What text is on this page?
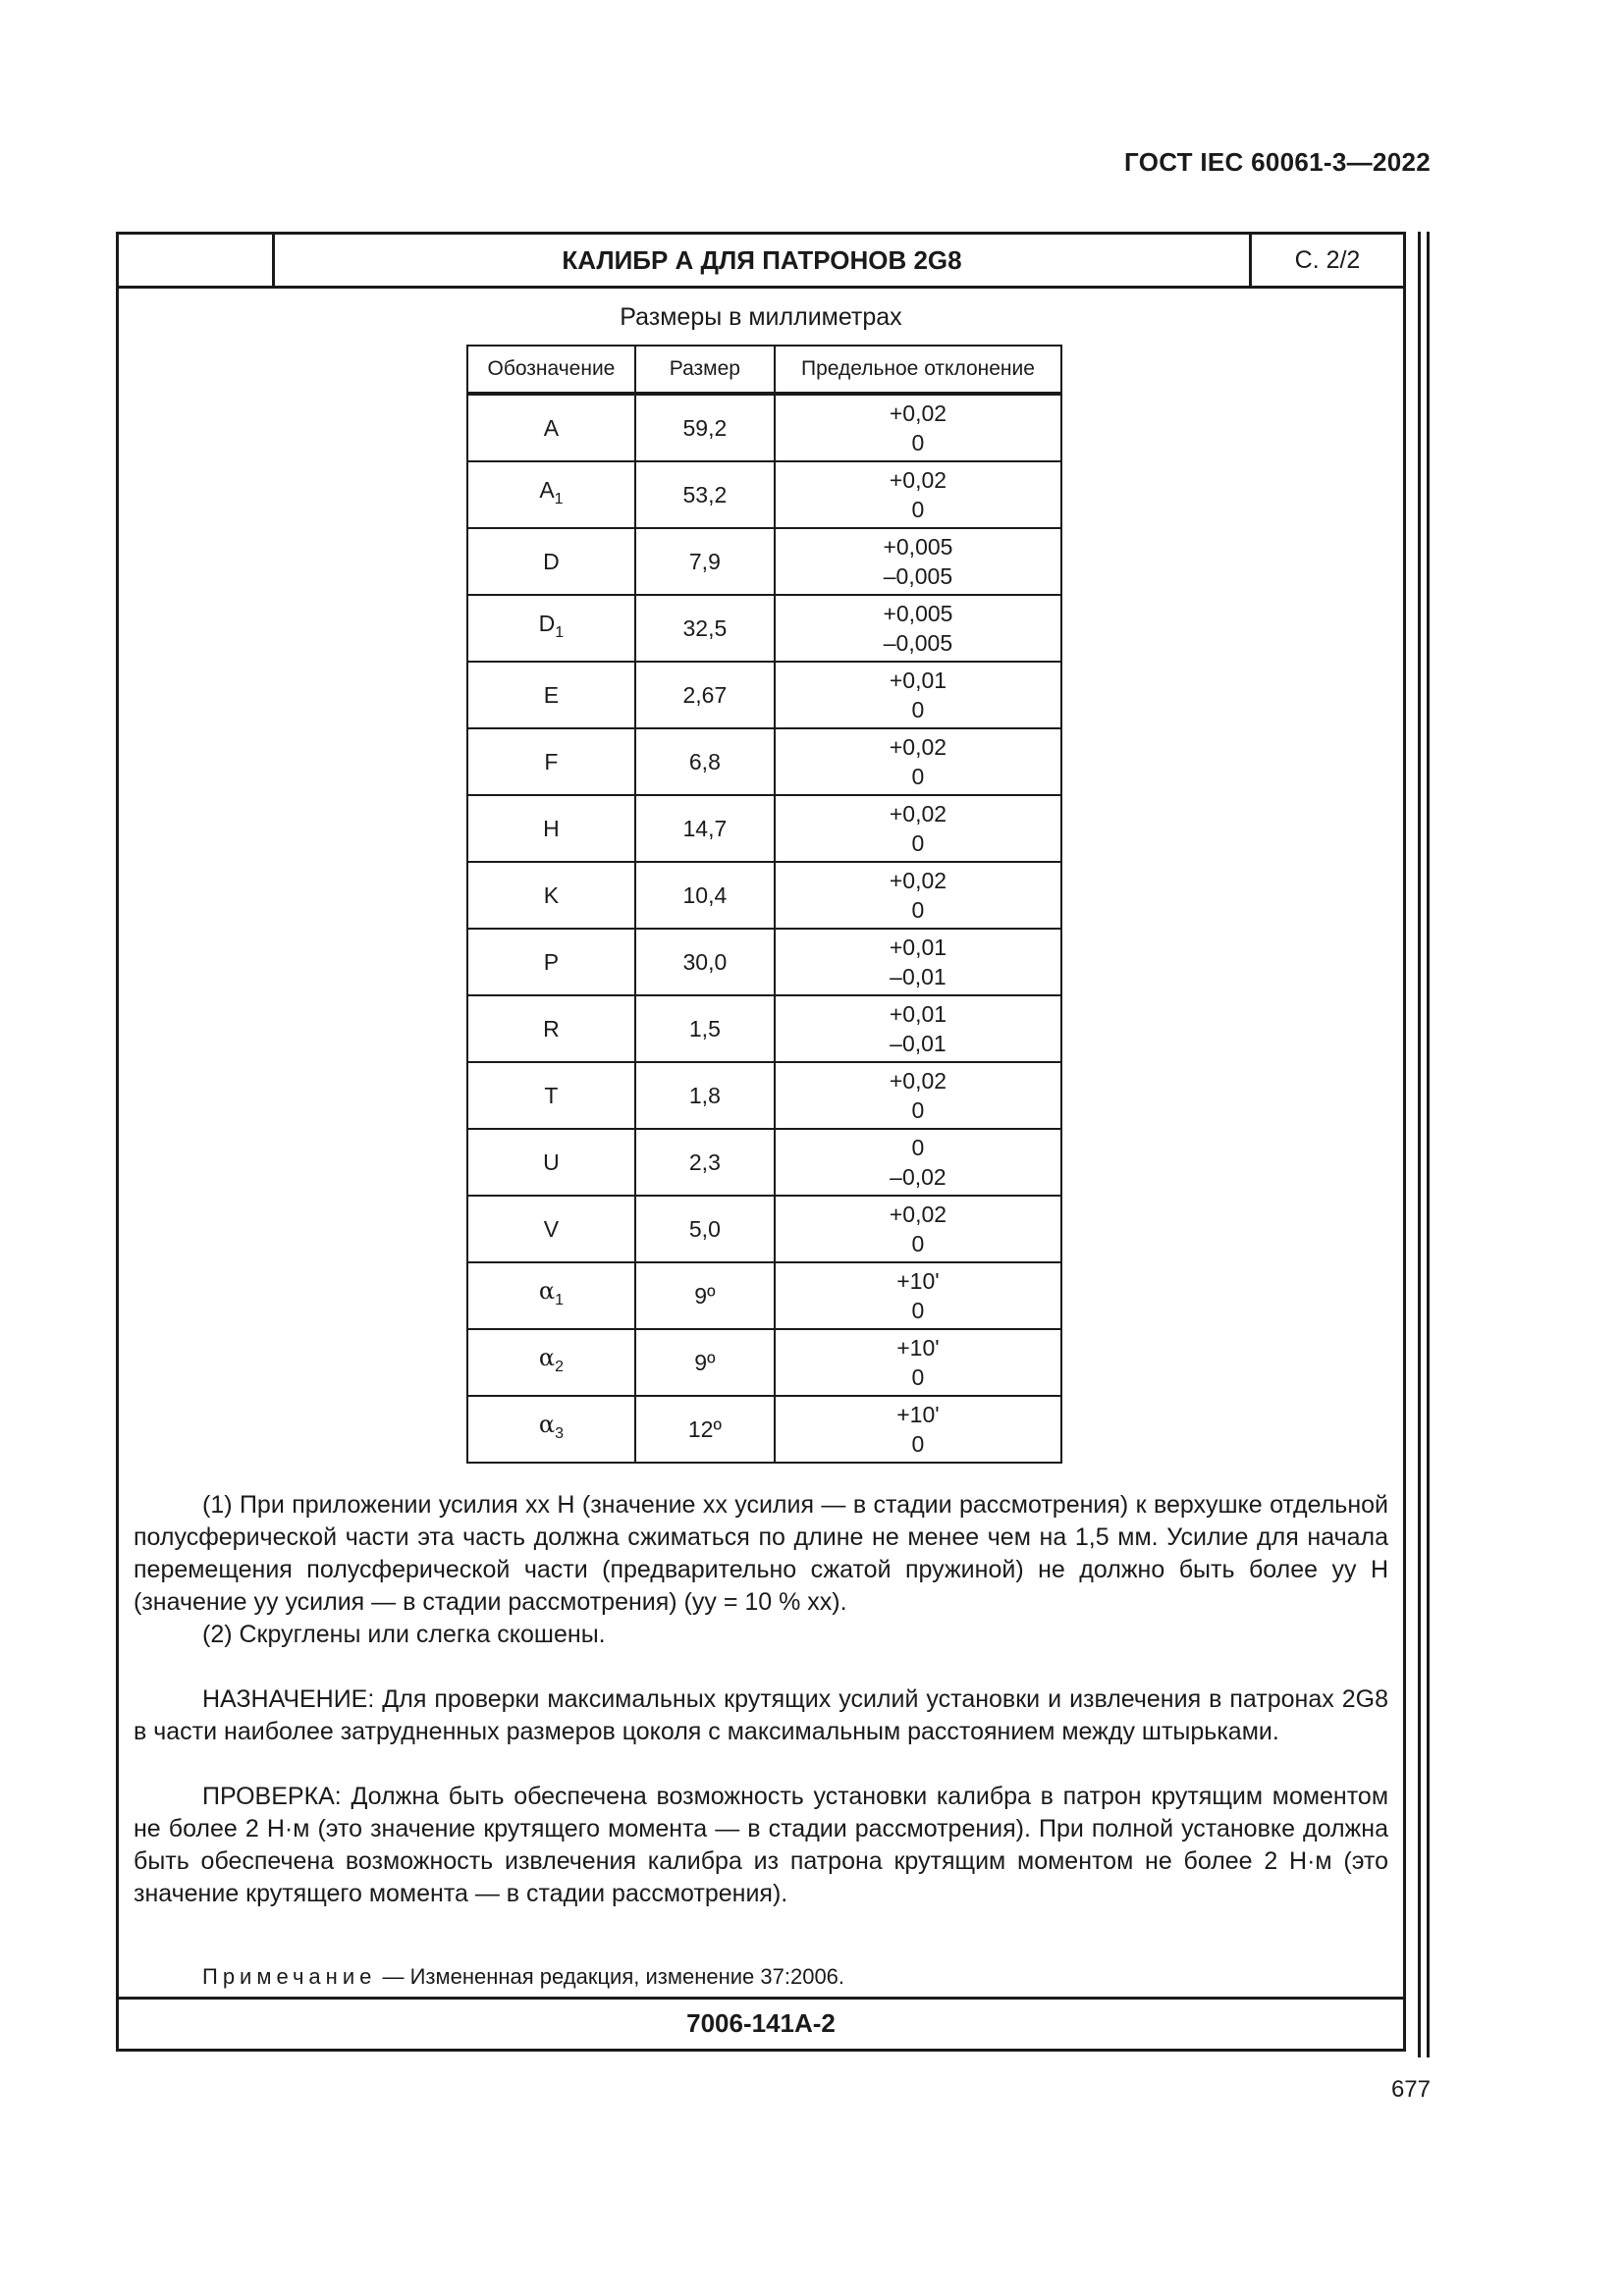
ГОСТ IEC 60061-3—2022
КАЛИБР А ДЛЯ ПАТРОНОВ 2G8	С. 2/2
Размеры в миллиметрах
Обозначение	Размер	Предельное отклонение
A	59,2	+0,02
0

$A_1$	53,2	+0,02
0

D	7,9	+0,005
–0,005

$D_1$	32,5	+0,005
–0,005

E	2,67	+0,01
0

F	6,8	+0,02
0

H	14,7	+0,02
0

K	10,4	+0,02
0

P	30,0	+0,01
–0,01

R	1,5	+0,01
–0,01

T	1,8	+0,02
0

U	2,3	0
–0,02

V	5,0	+0,02
0

$\alpha_1$	9º	+10'
0

$\alpha_2$	9º	+10'
0

$\alpha_3$	12º	+10'
0

(1) При приложении усилия xx Н (значение xx усилия — в стадии рассмотрения) к верхушке отдельной полусферической части эта часть должна сжиматься по длине не менее чем на 1,5 мм. Усилие для начала перемещения полусферической части (предварительно сжатой пружиной) не должно быть более yy Н (значение yy усилия — в стадии рассмотрения) (yy = 10 % xx).

(2) Скруглены или слегка скошены.

НАЗНАЧЕНИЕ: Для проверки максимальных крутящих усилий установки и извлечения в патронах 2G8 в части наиболее затрудненных размеров цоколя с максимальным расстоянием между штырьками.

ПРОВЕРКА: Должна быть обеспечена возможность установки калибра в патрон крутящим моментом не более 2 Н·м (это значение крутящего момента — в стадии рассмотрения). При полной установке должна быть обеспечена возможность извлечения калибра из патрона крутящим моментом не более 2 Н·м (это значение крутящего момента — в стадии рассмотрения).

Примечание — Измененная редакция, изменение 37:2006.
7006-141A-2
677
